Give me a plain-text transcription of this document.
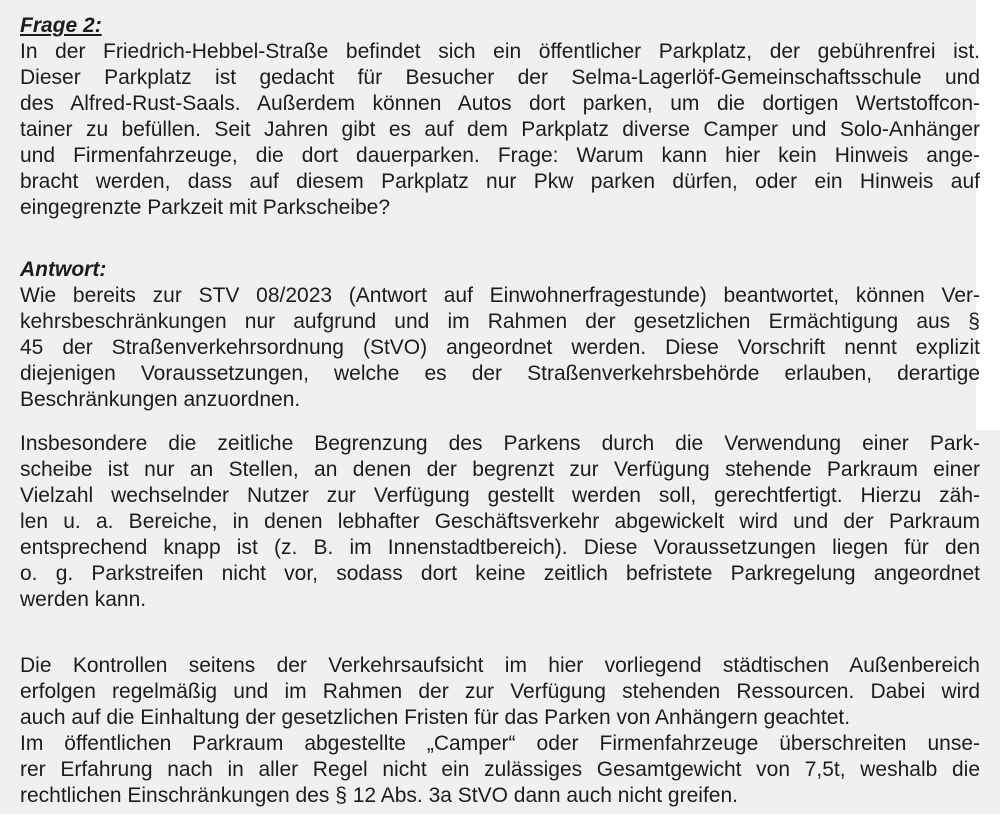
Frage 2:
In der Friedrich-Hebbel-Straße befindet sich ein öffentlicher Parkplatz, der gebührenfrei ist.
Dieser Parkplatz ist gedacht für Besucher der Selma-Lagerlöf-Gemeinschaftsschule und
des Alfred-Rust-Saals. Außerdem können Autos dort parken, um die dortigen Wertstoffcon-
tainer zu befüllen. Seit Jahren gibt es auf dem Parkplatz diverse Camper und Solo-Anhänger
und Firmenfahrzeuge, die dort dauerparken. Frage: Warum kann hier kein Hinweis ange-
bracht werden, dass auf diesem Parkplatz nur Pkw parken dürfen, oder ein Hinweis auf
eingegrenzte Parkzeit mit Parkscheibe?
Antwort:
Wie bereits zur STV 08/2023 (Antwort auf Einwohnerfragestunde) beantwortet, können Ver-
kehrsbeschränkungen nur aufgrund und im Rahmen der gesetzlichen Ermächtigung aus §
45 der Straßenverkehrsordnung (StVO) angeordnet werden. Diese Vorschrift nennt explizit
diejenigen Voraussetzungen, welche es der Straßenverkehrsbehörde erlauben, derartige
Beschränkungen anzuordnen.
Insbesondere die zeitliche Begrenzung des Parkens durch die Verwendung einer Park-
scheibe ist nur an Stellen, an denen der begrenzt zur Verfügung stehende Parkraum einer
Vielzahl wechselnder Nutzer zur Verfügung gestellt werden soll, gerechtfertigt. Hierzu zäh-
len u. a. Bereiche, in denen lebhafter Geschäftsverkehr abgewickelt wird und der Parkraum
entsprechend knapp ist (z. B. im Innenstadtbereich). Diese Voraussetzungen liegen für den
o. g. Parkstreifen nicht vor, sodass dort keine zeitlich befristete Parkregelung angeordnet
werden kann.
Die Kontrollen seitens der Verkehrsaufsicht im hier vorliegend städtischen Außenbereich
erfolgen regelmäßig und im Rahmen der zur Verfügung stehenden Ressourcen. Dabei wird
auch auf die Einhaltung der gesetzlichen Fristen für das Parken von Anhängern geachtet.
Im öffentlichen Parkraum abgestellte „Camper“ oder Firmenfahrzeuge überschreiten unse-
rer Erfahrung nach in aller Regel nicht ein zulässiges Gesamtgewicht von 7,5t, weshalb die
rechtlichen Einschränkungen des § 12 Abs. 3a StVO dann auch nicht greifen.
